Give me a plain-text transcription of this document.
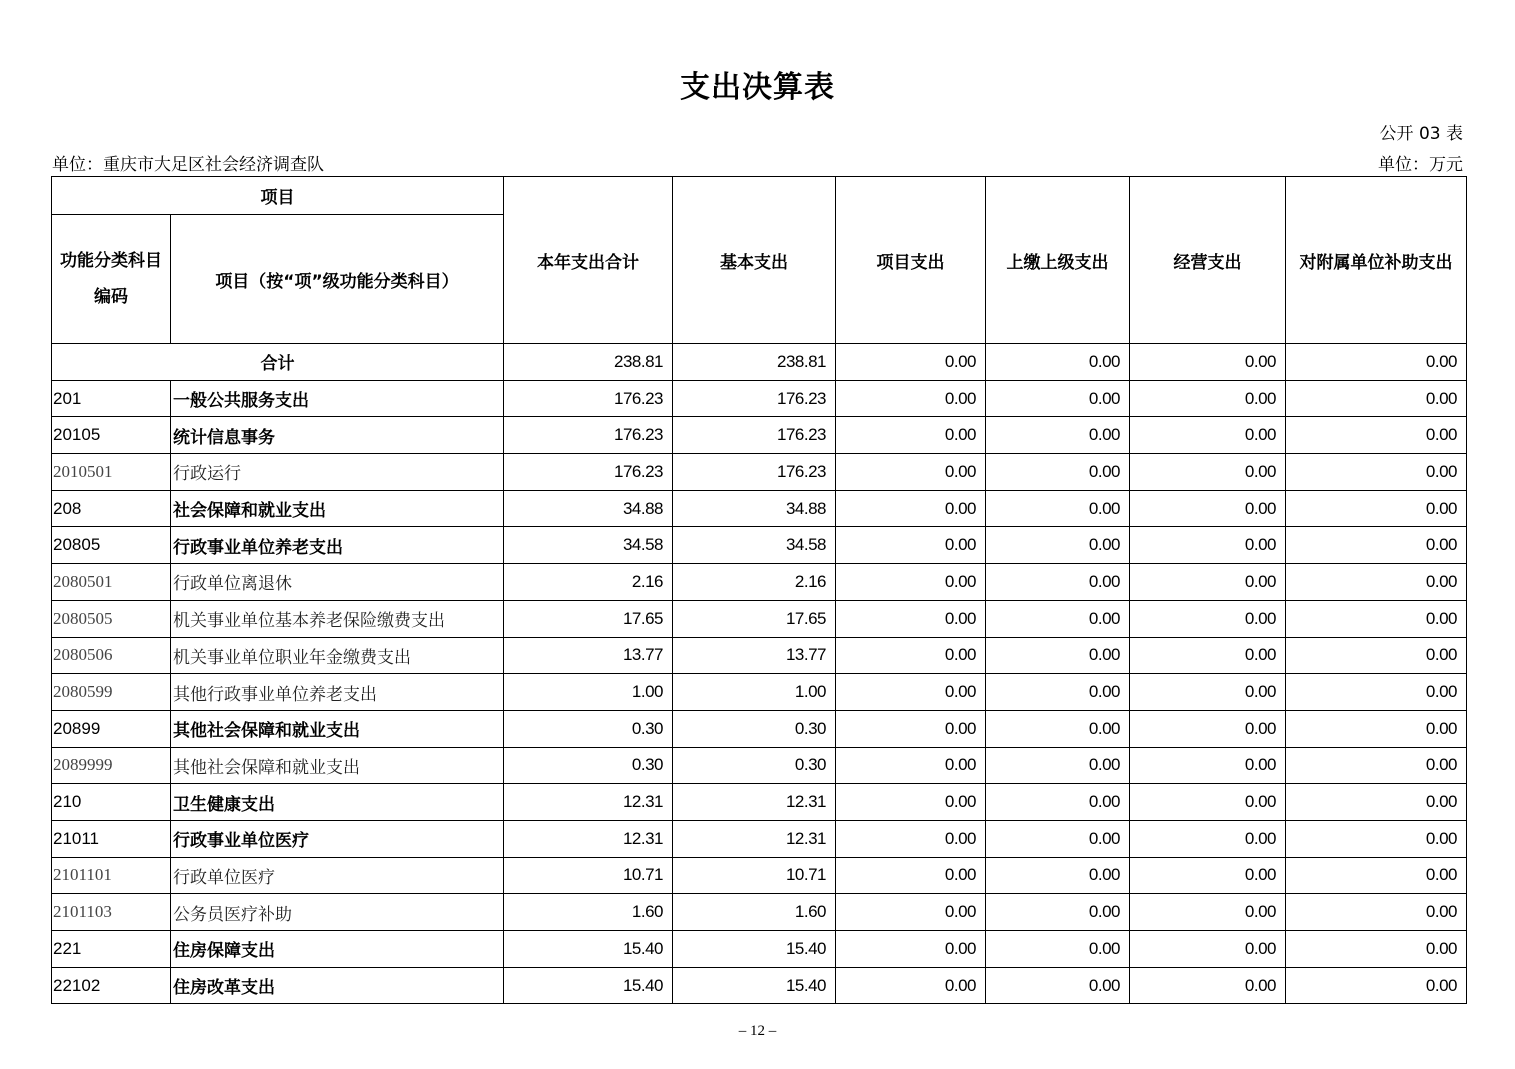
支出决算表
公开 03 表
单位：重庆市大足区社会经济调查队	单位：万元
项目		本年支出合计	基本支出	项目支出	上缴上级支出	经营支出	对附属单位补助支出
功能分类科目编码	项目（按“项”级功能分类科目）						
合计		238.81	238.81	0.00	0.00	0.00	0.00
201	一般公共服务支出	176.23	176.23	0.00	0.00	0.00	0.00
20105	统计信息事务	176.23	176.23	0.00	0.00	0.00	0.00
2010501	行政运行	176.23	176.23	0.00	0.00	0.00	0.00
208	社会保障和就业支出	34.88	34.88	0.00	0.00	0.00	0.00
20805	行政事业单位养老支出	34.58	34.58	0.00	0.00	0.00	0.00
2080501	行政单位离退休	2.16	2.16	0.00	0.00	0.00	0.00
2080505	机关事业单位基本养老保险缴费支出	17.65	17.65	0.00	0.00	0.00	0.00
2080506	机关事业单位职业年金缴费支出	13.77	13.77	0.00	0.00	0.00	0.00
2080599	其他行政事业单位养老支出	1.00	1.00	0.00	0.00	0.00	0.00
20899	其他社会保障和就业支出	0.30	0.30	0.00	0.00	0.00	0.00
2089999	其他社会保障和就业支出	0.30	0.30	0.00	0.00	0.00	0.00
210	卫生健康支出	12.31	12.31	0.00	0.00	0.00	0.00
21011	行政事业单位医疗	12.31	12.31	0.00	0.00	0.00	0.00
2101101	行政单位医疗	10.71	10.71	0.00	0.00	0.00	0.00
2101103	公务员医疗补助	1.60	1.60	0.00	0.00	0.00	0.00
221	住房保障支出	15.40	15.40	0.00	0.00	0.00	0.00
22102	住房改革支出	15.40	15.40	0.00	0.00	0.00	0.00
– 12 –
